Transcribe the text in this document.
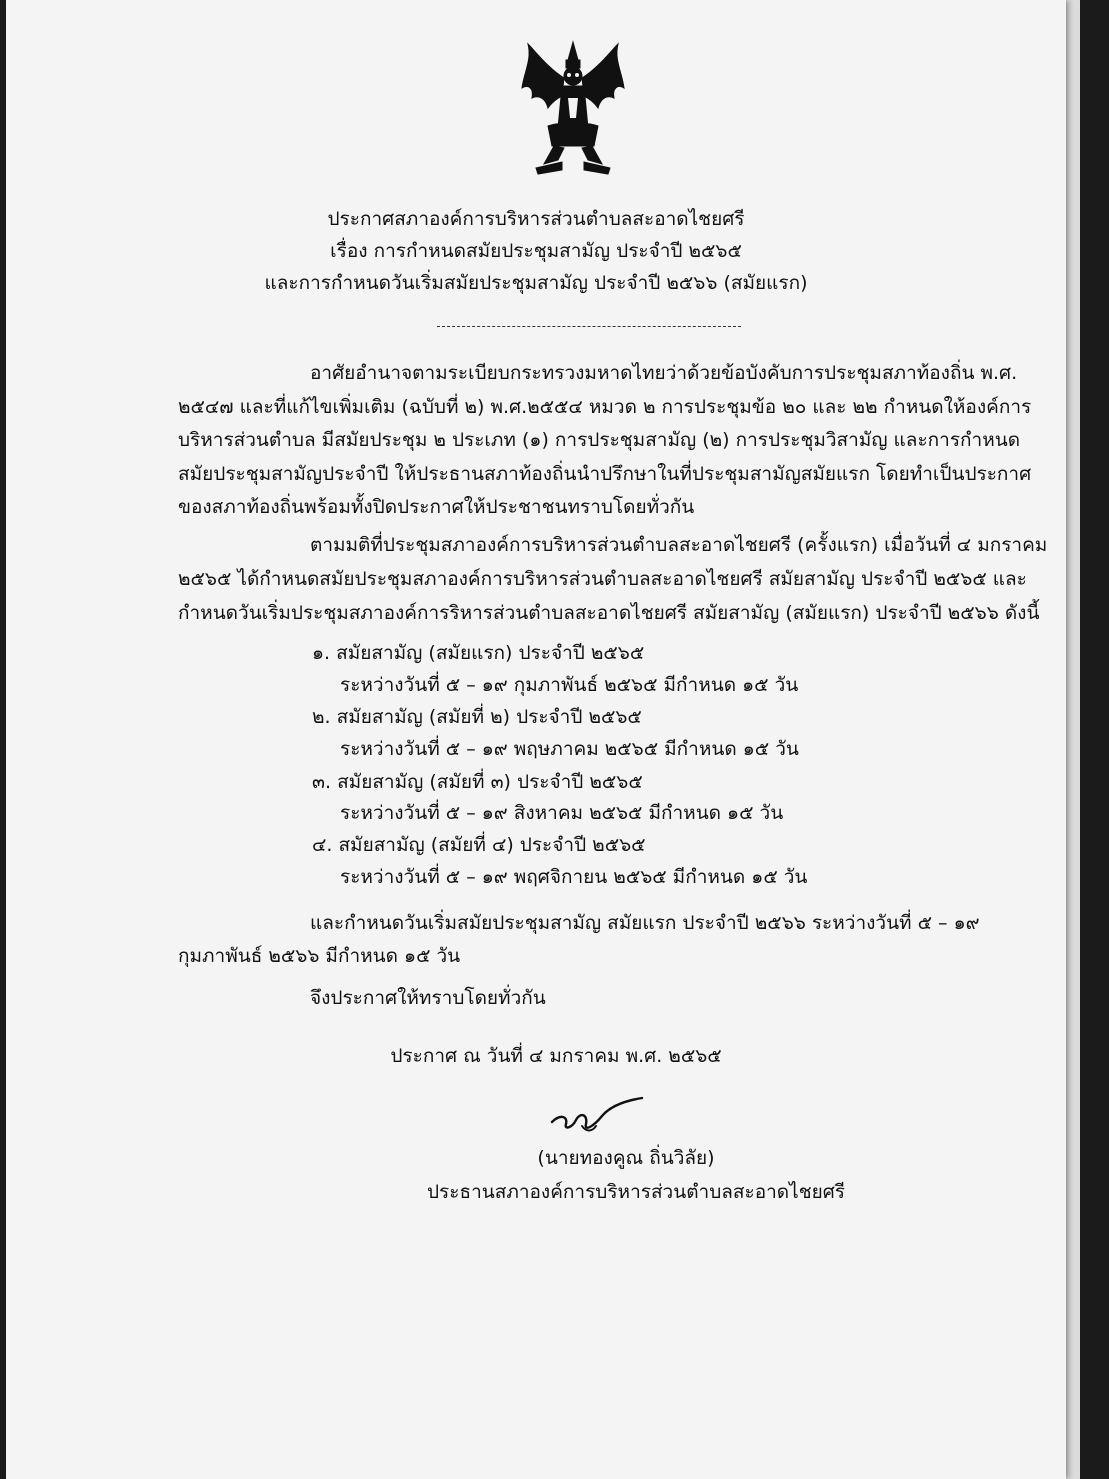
ประกาศสภาองค์การบริหารส่วนตำบลสะอาดไชยศรี
เรื่อง การกำหนดสมัยประชุมสามัญ ประจำปี ๒๕๖๕
และการกำหนดวันเริ่มสมัยประชุมสามัญ ประจำปี ๒๕๖๖ (สมัยแรก)
อาศัยอำนาจตามระเบียบกระทรวงมหาดไทยว่าด้วยข้อบังคับการประชุมสภาท้องถิ่น พ.ศ.
๒๕๔๗ และที่แก้ไขเพิ่มเติม (ฉบับที่ ๒) พ.ศ.๒๕๕๔ หมวด ๒ การประชุมข้อ ๒๐ และ ๒๒ กำหนดให้องค์การ
บริหารส่วนตำบล มีสมัยประชุม ๒ ประเภท (๑) การประชุมสามัญ (๒) การประชุมวิสามัญ และการกำหนด
สมัยประชุมสามัญประจำปี ให้ประธานสภาท้องถิ่นนำปรึกษาในที่ประชุมสามัญสมัยแรก โดยทำเป็นประกาศ
ของสภาท้องถิ่นพร้อมทั้งปิดประกาศให้ประชาชนทราบโดยทั่วกัน
ตามมติที่ประชุมสภาองค์การบริหารส่วนตำบลสะอาดไชยศรี (ครั้งแรก) เมื่อวันที่ ๔ มกราคม
๒๕๖๕ ได้กำหนดสมัยประชุมสภาองค์การบริหารส่วนตำบลสะอาดไชยศรี สมัยสามัญ ประจำปี ๒๕๖๕ และ
กำหนดวันเริ่มประชุมสภาองค์การริหารส่วนตำบลสะอาดไชยศรี สมัยสามัญ (สมัยแรก) ประจำปี ๒๕๖๖ ดังนี้
๑. สมัยสามัญ (สมัยแรก) ประจำปี ๒๕๖๕
ระหว่างวันที่ ๕ – ๑๙ กุมภาพันธ์ ๒๕๖๕ มีกำหนด ๑๕ วัน
๒. สมัยสามัญ (สมัยที่ ๒) ประจำปี ๒๕๖๕
ระหว่างวันที่ ๕ – ๑๙ พฤษภาคม ๒๕๖๕ มีกำหนด ๑๕ วัน
๓. สมัยสามัญ (สมัยที่ ๓) ประจำปี ๒๕๖๕
ระหว่างวันที่ ๕ – ๑๙ สิงหาคม ๒๕๖๕ มีกำหนด ๑๕ วัน
๔. สมัยสามัญ (สมัยที่ ๔) ประจำปี ๒๕๖๕
ระหว่างวันที่ ๕ – ๑๙ พฤศจิกายน ๒๕๖๕ มีกำหนด ๑๕ วัน
และกำหนดวันเริ่มสมัยประชุมสามัญ สมัยแรก ประจำปี ๒๕๖๖ ระหว่างวันที่ ๕ – ๑๙
กุมภาพันธ์ ๒๕๖๖ มีกำหนด ๑๕ วัน
จึงประกาศให้ทราบโดยทั่วกัน
ประกาศ ณ วันที่ ๔ มกราคม พ.ศ. ๒๕๖๕
(นายทองคูณ ถิ่นวิลัย)
ประธานสภาองค์การบริหารส่วนตำบลสะอาดไชยศรี
